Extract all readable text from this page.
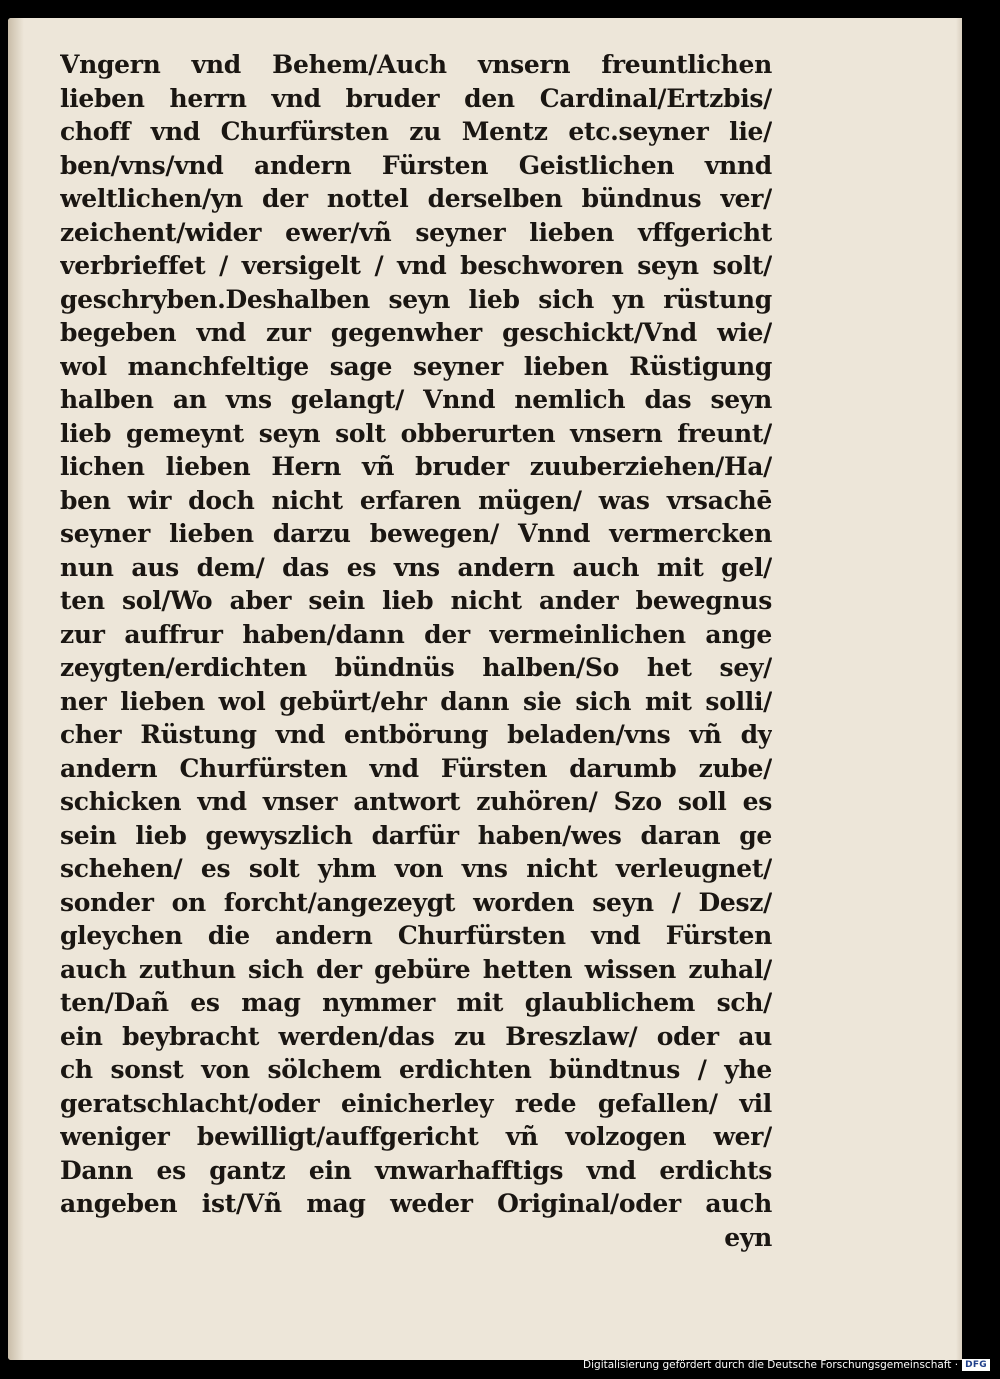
Vngern vnd Behem/Auch vnsern freuntlichen
lieben herrn vnd bruder den Cardinal/Ertzbis/
choff vnd Churfürsten zu Mentz etc.seyner lie/
ben/vns/vnd andern Fürsten Geistlichen vnnd
weltlichen/yn der nottel derselben bündnus ver/
zeichent/wider ewer/vñ seyner lieben vffgericht
verbrieffet / versigelt / vnd beschworen seyn solt/
geschryben.Deshalben seyn lieb sich yn rüstung
begeben vnd zur gegenwher geschickt/Vnd wie/
wol manchfeltige sage seyner lieben Rüstigung
halben an vns gelangt/ Vnnd nemlich das seyn
lieb gemeynt seyn solt obberurten vnsern freunt/
lichen lieben Hern vñ bruder zuuberziehen/Ha/
ben wir doch nicht erfaren mügen/ was vrsachē
seyner lieben darzu bewegen/ Vnnd vermercken
nun aus dem/ das es vns andern auch mit gel/
ten sol/Wo aber sein lieb nicht ander bewegnus
zur auffrur haben/dann der vermeinlichen ange
zeygten/erdichten bündnüs halben/So het sey/
ner lieben wol gebürt/ehr dann sie sich mit solli/
cher Rüstung vnd entbörung beladen/vns vñ dy
andern Churfürsten vnd Fürsten darumb zube/
schicken vnd vnser antwort zuhören/ Szo soll es
sein lieb gewyszlich darfür haben/wes daran ge
schehen/ es solt yhm von vns nicht verleugnet/
sonder on forcht/angezeygt worden seyn / Desz/
gleychen die andern Churfürsten vnd Fürsten
auch zuthun sich der gebüre hetten wissen zuhal/
ten/Dañ es mag nymmer mit glaublichem sch/
ein beybracht werden/das zu Breszlaw/ oder au
ch sonst von sölchem erdichten bündtnus / yhe
geratschlacht/oder einicherley rede gefallen/ vil
weniger bewilligt/auffgericht vñ volzogen wer/
Dann es gantz ein vnwarhafftigs vnd erdichts
angeben ist/Vñ mag weder Original/oder auch
eyn
Digitalisierung gefördert durch die Deutsche Forschungsgemeinschaft · DFG
